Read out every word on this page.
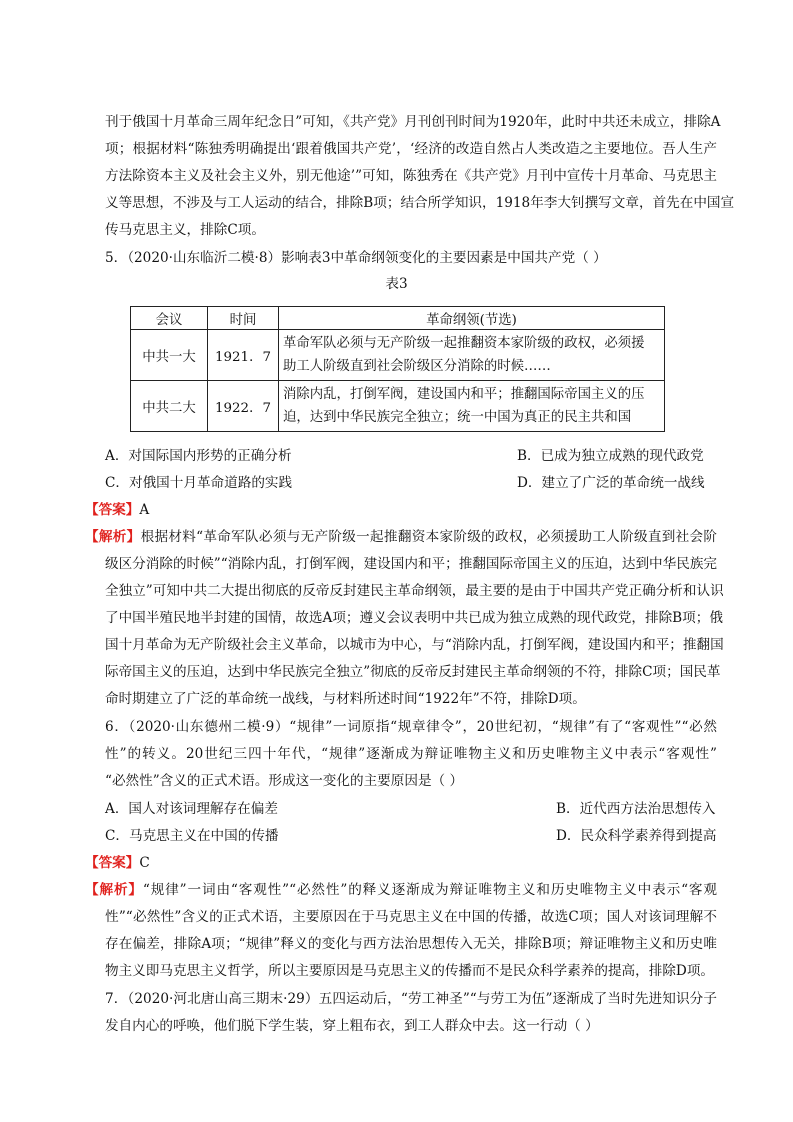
刊于俄国十月革命三周年纪念日”可知，《共产党》月刊创刊时间为1920年，此时中共还未成立，排除A
项；根据材料“陈独秀明确提出‘跟着俄国共产党’，‘经济的改造自然占人类改造之主要地位。吾人生产
方法除资本主义及社会主义外，别无他途’”可知，陈独秀在《共产党》月刊中宣传十月革命、马克思主
义等思想，不涉及与工人运动的结合，排除B项；结合所学知识，1918年李大钊撰写文章，首先在中国宣
传马克思主义，排除C项。
5．（2020·山东临沂二模·8）影响表3中革命纲领变化的主要因素是中国共产党（ ）
表3
会议	时间	革命纲领(节选)
中共一大	1921．7	革命军队必须与无产阶级一起推翻资本家阶级的政权，必须援
助工人阶级直到社会阶级区分消除的时候……

中共二大	1922．7	消除内乱，打倒军阀，建设国内和平；推翻国际帝国主义的压
迫，达到中华民族完全独立；统一中国为真正的民主共和国
A．对国际国内形势的正确分析	B．已成为独立成熟的现代政党
C．对俄国十月革命道路的实践	D．建立了广泛的革命统一战线
【答案】A
【解析】根据材料“革命军队必须与无产阶级一起推翻资本家阶级的政权，必须援助工人阶级直到社会阶
级区分消除的时候”“消除内乱，打倒军阀，建设国内和平；推翻国际帝国主义的压迫，达到中华民族完
全独立”可知中共二大提出彻底的反帝反封建民主革命纲领，最主要的是由于中国共产党正确分析和认识
了中国半殖民地半封建的国情，故选A项；遵义会议表明中共已成为独立成熟的现代政党，排除B项；俄
国十月革命为无产阶级社会主义革命，以城市为中心，与“消除内乱，打倒军阀，建设国内和平；推翻国
际帝国主义的压迫，达到中华民族完全独立”彻底的反帝反封建民主革命纲领的不符，排除C项；国民革
命时期建立了广泛的革命统一战线，与材料所述时间“1922年”不符，排除D项。
6．（2020·山东德州二模·9）“规律”一词原指“规章律令”，20世纪初，“规律”有了“客观性”“必然
性”的转义。20世纪三四十年代，“规律”逐渐成为辩证唯物主义和历史唯物主义中表示“客观性”
“必然性”含义的正式术语。形成这一变化的主要原因是（ ）
A．国人对该词理解存在偏差	B．近代西方法治思想传入
C．马克思主义在中国的传播	D．民众科学素养得到提高
【答案】C
【解析】“规律”一词由“客观性”“必然性”的释义逐渐成为辩证唯物主义和历史唯物主义中表示“客观
性”“必然性”含义的正式术语，主要原因在于马克思主义在中国的传播，故选C项；国人对该词理解不
存在偏差，排除A项；“规律”释义的变化与西方法治思想传入无关，排除B项；辩证唯物主义和历史唯
物主义即马克思主义哲学，所以主要原因是马克思主义的传播而不是民众科学素养的提高，排除D项。
7．（2020·河北唐山高三期末·29）五四运动后，“劳工神圣”“与劳工为伍”逐渐成了当时先进知识分子
发自内心的呼唤，他们脱下学生装，穿上粗布衣，到工人群众中去。这一行动（ ）
